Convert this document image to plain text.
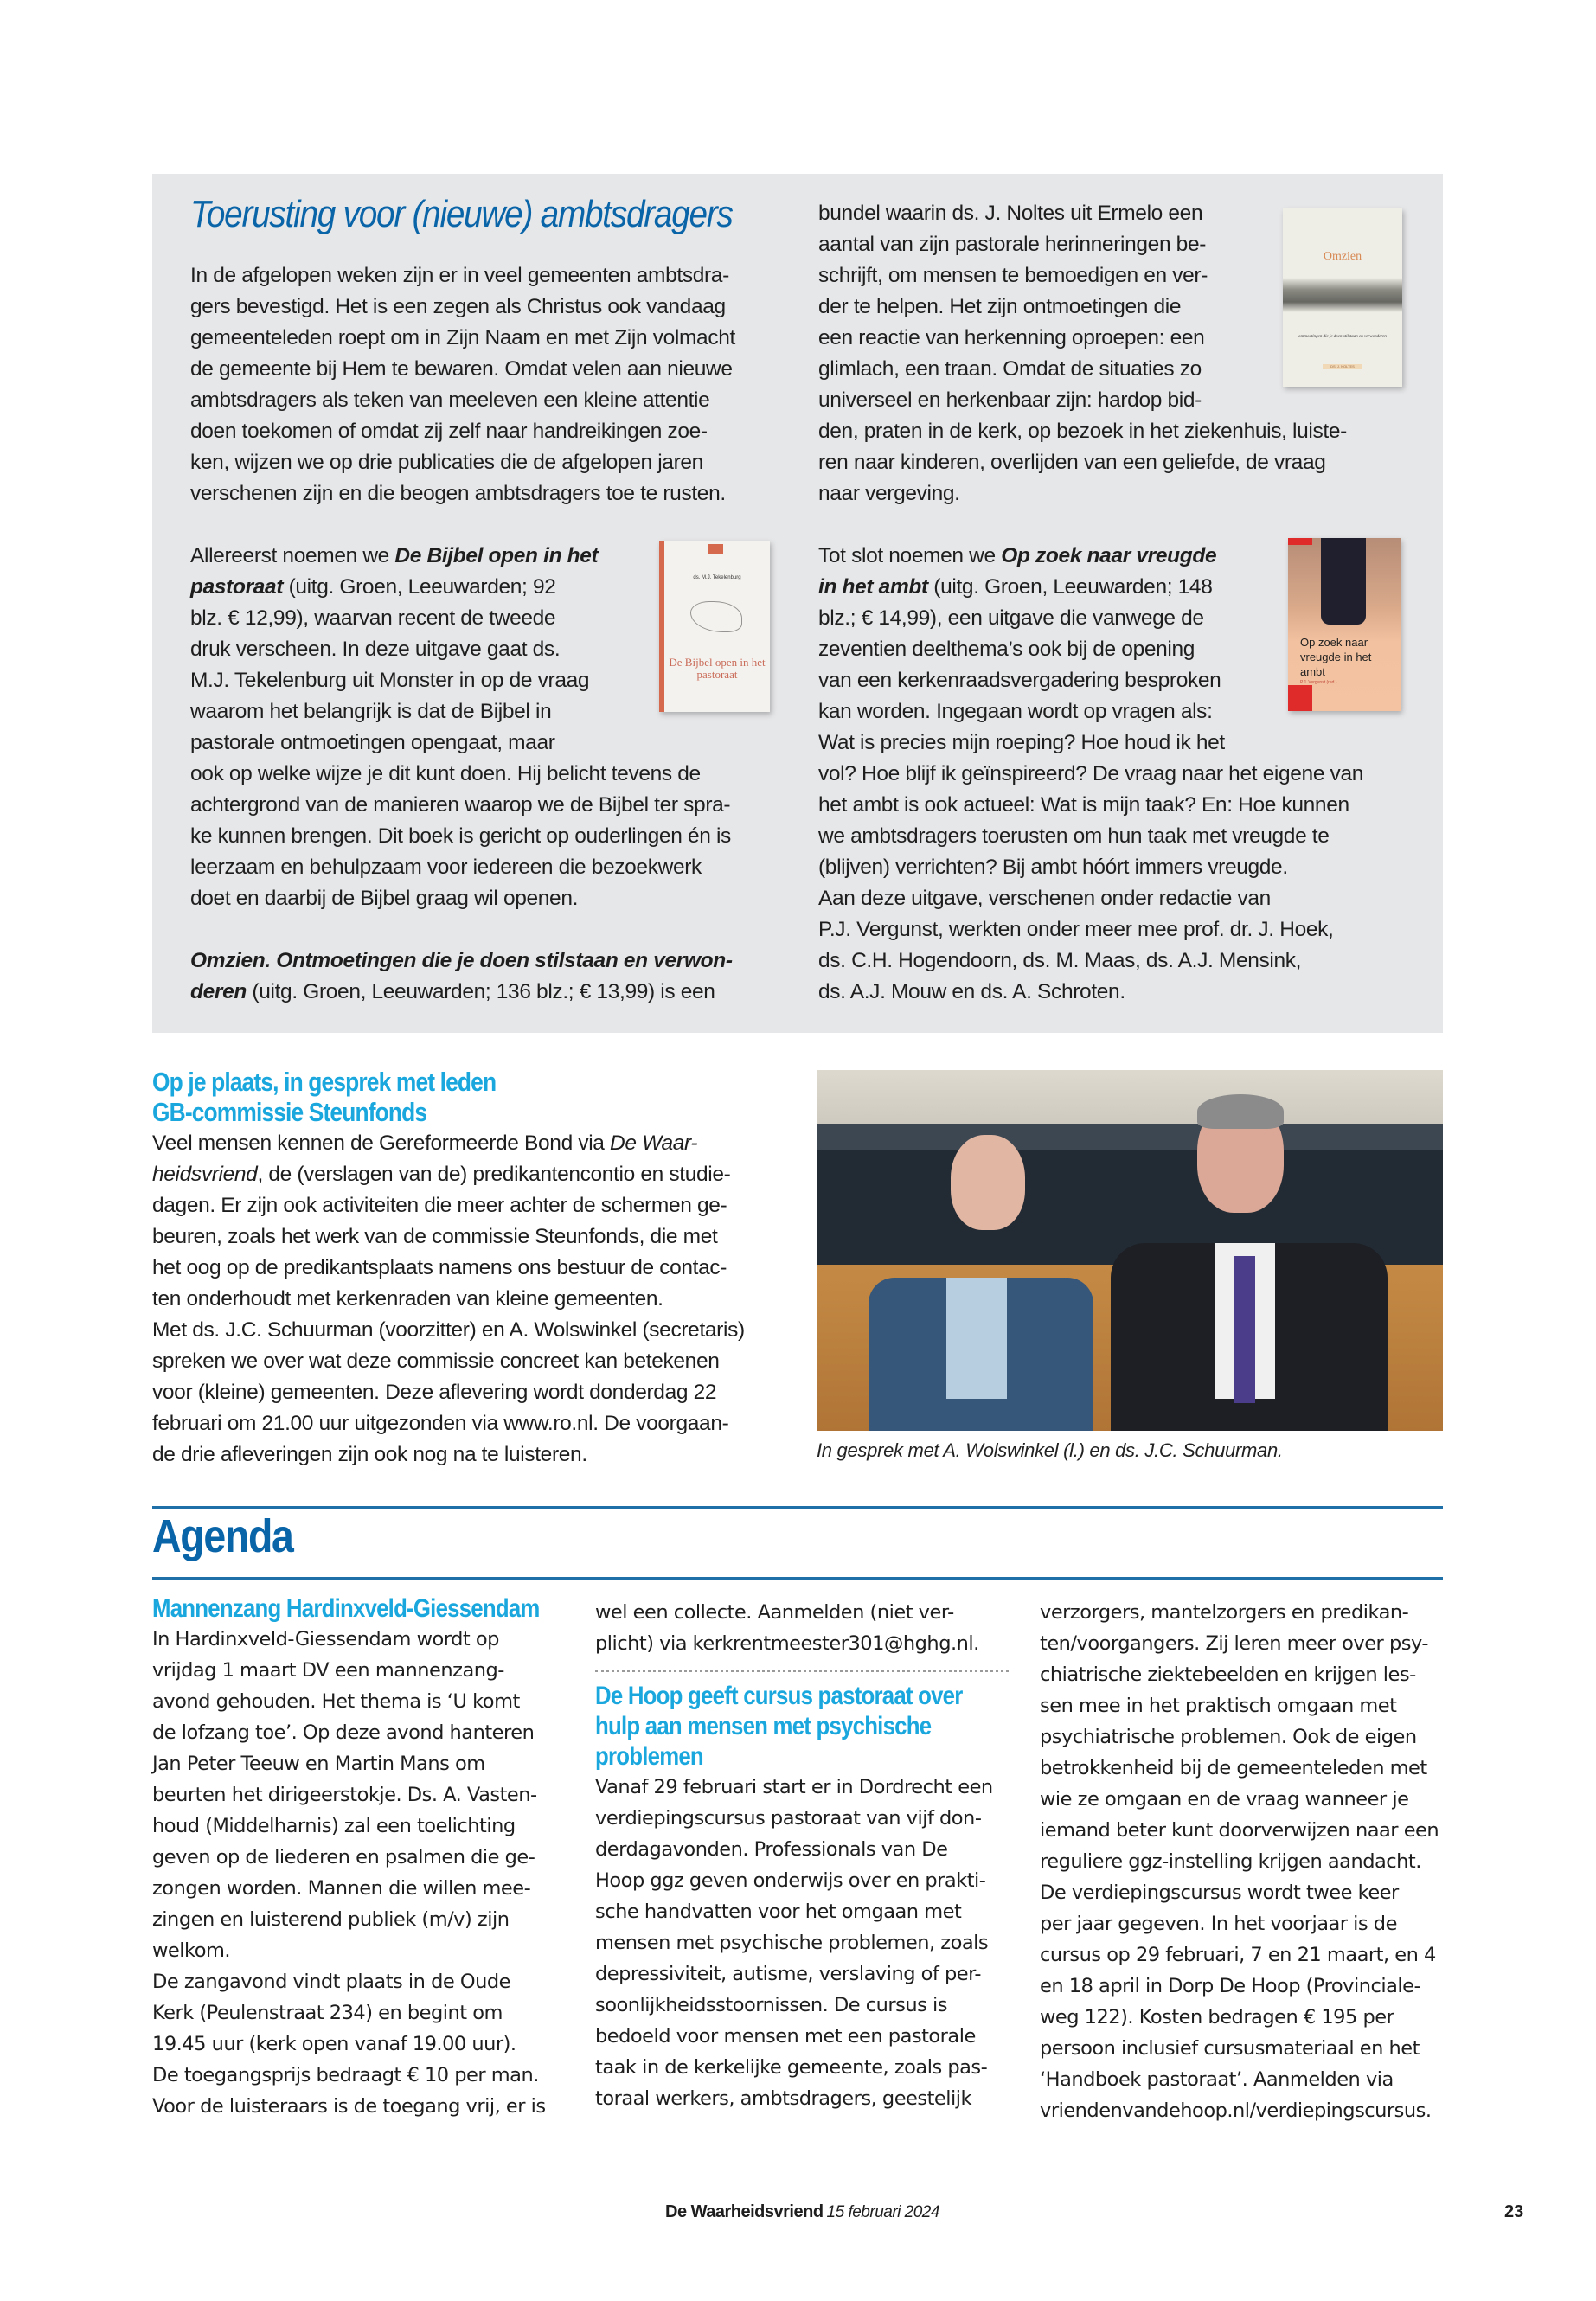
Toerusting voor (nieuwe) ambtsdragers

In de afgelopen weken zijn er in veel gemeenten ambtsdra-

gers bevestigd. Het is een zegen als Christus ook vandaag

gemeenteleden roept om in Zijn Naam en met Zijn volmacht

de gemeente bij Hem te bewaren. Omdat velen aan nieuwe

ambtsdragers als teken van meeleven een kleine attentie

doen toekomen of omdat zij zelf naar handreikingen zoe-

ken, wijzen we op drie publicaties die de afgelopen jaren

verschenen zijn en die beogen ambtsdragers toe te rusten.

Allereerst noemen we De Bijbel open in het

pastoraat (uitg. Groen, Leeuwarden; 92

blz. € 12,99), waarvan recent de tweede

druk verscheen. In deze uitgave gaat ds.

M.J. Tekelenburg uit Monster in op de vraag

waarom het belangrijk is dat de Bijbel in

pastorale ontmoetingen opengaat, maar

ook op welke wijze je dit kunt doen. Hij belicht tevens de

achtergrond van de manieren waarop we de Bijbel ter spra-

ke kunnen brengen. Dit boek is gericht op ouderlingen én is

leerzaam en behulpzaam voor iedereen die bezoekwerk

doet en daarbij de Bijbel graag wil openen.

Omzien. Ontmoetingen die je doen stilstaan en verwon-

deren (uitg. Groen, Leeuwarden; 136 blz.; € 13,99) is een

bundel waarin ds. J. Noltes uit Ermelo een

aantal van zijn pastorale herinneringen be-

schrijft, om mensen te bemoedigen en ver-

der te helpen. Het zijn ontmoetingen die

een reactie van herkenning oproepen: een

glimlach, een traan. Omdat de situaties zo

universeel en herkenbaar zijn: hardop bid-

den, praten in de kerk, op bezoek in het ziekenhuis, luiste-

ren naar kinderen, overlijden van een geliefde, de vraag

naar vergeving.

Tot slot noemen we Op zoek naar vreugde

in het ambt (uitg. Groen, Leeuwarden; 148

blz.; € 14,99), een uitgave die vanwege de

zeventien deelthema’s ook bij de opening

van een kerkenraadsvergadering besproken

kan worden. Ingegaan wordt op vragen als:

Wat is precies mijn roeping? Hoe houd ik het

vol? Hoe blijf ik geïnspireerd? De vraag naar het eigene van

het ambt is ook actueel: Wat is mijn taak? En: Hoe kunnen

we ambtsdragers toerusten om hun taak met vreugde te

(blijven) verrichten? Bij ambt hóórt immers vreugde.

Aan deze uitgave, verschenen onder redactie van

P.J. Vergunst, werkten onder meer mee prof. dr. J. Hoek,

ds. C.H. Hogendoorn, ds. M. Maas, ds. A.J. Mensink,

ds. A.J. Mouw en ds. A. Schroten.

Omzien
ontmoetingen die je doen stilstaan en verwonderen
DS. J. NOLTES
ds. M.J. Tekelenburg
De Bijbel open in het pastoraat
Op zoek naar vreugde in het ambt
P.J. Vergunst (red.)
Op je plaats, in gesprek met leden
GB-commissie Steunfonds

Veel mensen kennen de Gereformeerde Bond via De Waar-

heidsvriend, de (verslagen van de) predikantencontio en studie-

dagen. Er zijn ook activiteiten die meer achter de schermen ge-

beuren, zoals het werk van de commissie Steunfonds, die met

het oog op de predikantsplaats namens ons bestuur de contac-

ten onderhoudt met kerkenraden van kleine gemeenten.

Met ds. J.C. Schuurman (voorzitter) en A. Wolswinkel (secretaris)

spreken we over wat deze commissie concreet kan betekenen

voor (kleine) gemeenten. Deze aflevering wordt donderdag 22

februari om 21.00 uur uitgezonden via www.ro.nl. De voorgaan-

de drie afleveringen zijn ook nog na te luisteren.	In gesprek met A. Wolswinkel (l.) en ds. J.C. Schuurman.
Agenda
Mannenzang Hardinxveld-Giessendam

In Hardinxveld-Giessendam wordt op

vrijdag 1 maart DV een mannenzang-

avond gehouden. Het thema is ‘U komt

de lofzang toe’. Op deze avond hanteren

Jan Peter Teeuw en Martin Mans om

beurten het dirigeerstokje. Ds. A. Vasten-

houd (Middelharnis) zal een toelichting

geven op de liederen en psalmen die ge-

zongen worden. Mannen die willen mee-

zingen en luisterend publiek (m/v) zijn

welkom.

De zangavond vindt plaats in de Oude

Kerk (Peulenstraat 234) en begint om

19.45 uur (kerk open vanaf 19.00 uur).

De toegangsprijs bedraagt € 10 per man.

Voor de luisteraars is de toegang vrij, er is

wel een collecte. Aanmelden (niet ver-

plicht) via kerkrentmeester301@hghg.nl.

De Hoop geeft cursus pastoraat over
hulp aan mensen met psychische
problemen

Vanaf 29 februari start er in Dordrecht een

verdiepingscursus pastoraat van vijf don-

derdagavonden. Professionals van De

Hoop ggz geven onderwijs over en prakti-

sche handvatten voor het omgaan met

mensen met psychische problemen, zoals

depressiviteit, autisme, verslaving of per-

soonlijkheidsstoornissen. De cursus is

bedoeld voor mensen met een pastorale

taak in de kerkelijke gemeente, zoals pas-

toraal werkers, ambtsdragers, geestelijk

verzorgers, mantelzorgers en predikan-

ten/voorgangers. Zij leren meer over psy-

chiatrische ziektebeelden en krijgen les-

sen mee in het praktisch omgaan met

psychiatrische problemen. Ook de eigen

betrokkenheid bij de gemeenteleden met

wie ze omgaan en de vraag wanneer je

iemand beter kunt doorverwijzen naar een

reguliere ggz-instelling krijgen aandacht.

De verdiepingscursus wordt twee keer

per jaar gegeven. In het voorjaar is de

cursus op 29 februari, 7 en 21 maart, en 4

en 18 april in Dorp De Hoop (Provinciale-

weg 122). Kosten bedragen € 195 per

persoon inclusief cursusmateriaal en het

‘Handboek pastoraat’. Aanmelden via

vriendenvandehoop.nl/verdiepingscursus.

De Waarheidsvriend 15 februari 2024	23
